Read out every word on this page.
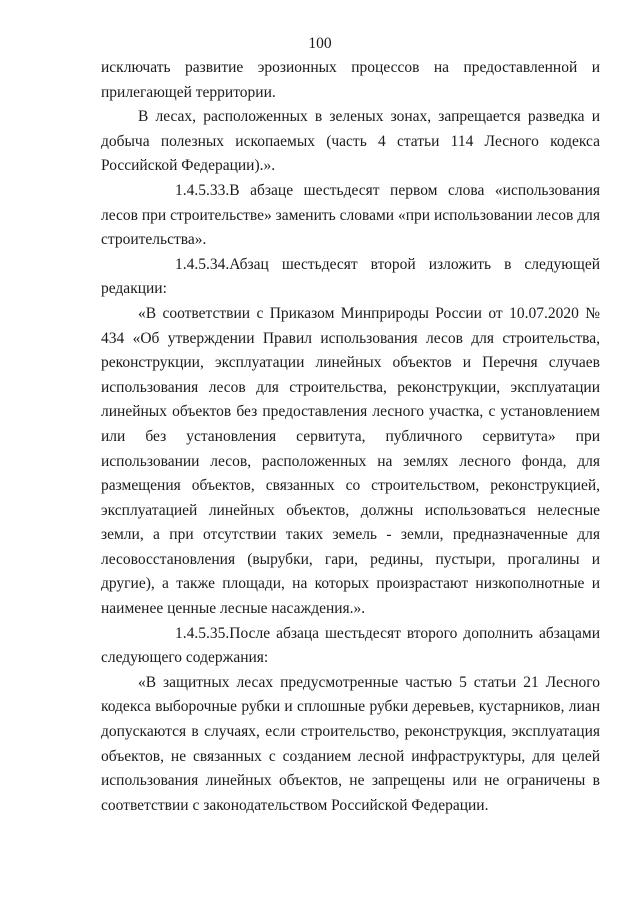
100

исключать развитие эрозионных процессов на предоставленной и прилегающей территории.

В лесах, расположенных в зеленых зонах, запрещается разведка и добыча полезных ископаемых (часть 4 статьи 114 Лесного кодекса Российской Федерации).».

1.4.5.33.В абзаце шестьдесят первом слова «использования лесов при строительстве» заменить словами «при использовании лесов для строительства».

1.4.5.34.Абзац шестьдесят второй изложить в следующей редакции:

«В соответствии с Приказом Минприроды России от 10.07.2020 № 434 «Об утверждении Правил использования лесов для строительства, реконструкции, эксплуатации линейных объектов и Перечня случаев использования лесов для строительства, реконструкции, эксплуатации линейных объектов без предоставления лесного участка, с установлением или без установления сервитута, публичного сервитута» при использовании лесов, расположенных на землях лесного фонда, для размещения объектов, связанных со строительством, реконструкцией, эксплуатацией линейных объектов, должны использоваться нелесные земли, а при отсутствии таких земель - земли, предназначенные для лесовосстановления (вырубки, гари, редины, пустыри, прогалины и другие), а также площади, на которых произрастают низкополнотные и наименее ценные лесные насаждения.».

1.4.5.35.После абзаца шестьдесят второго дополнить абзацами следующего содержания:

«В защитных лесах предусмотренные частью 5 статьи 21 Лесного кодекса выборочные рубки и сплошные рубки деревьев, кустарников, лиан допускаются в случаях, если строительство, реконструкция, эксплуатация объектов, не связанных с созданием лесной инфраструктуры, для целей использования линейных объектов, не запрещены или не ограничены в соответствии с законодательством Российской Федерации.
